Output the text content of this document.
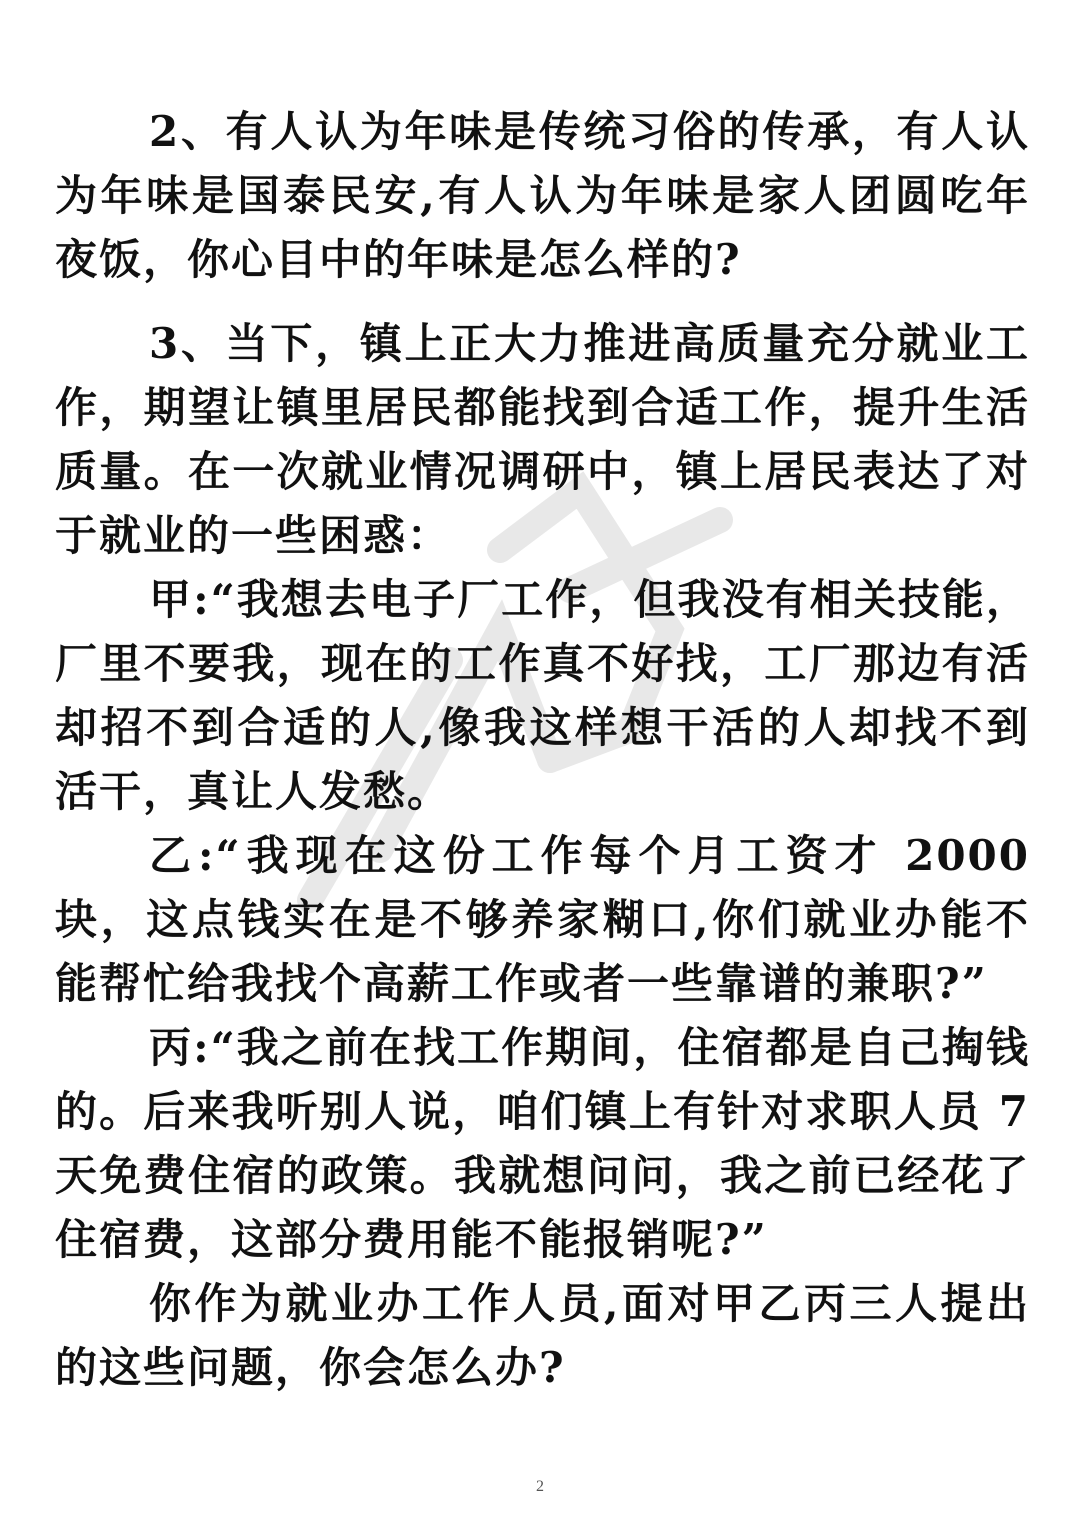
2、有人认为年味是传统习俗的传承，有人认为年味是国泰民安,有人认为年味是家人团圆吃年夜饭，你心目中的年味是怎么样的?

3、当下，镇上正大力推进高质量充分就业工作，期望让镇里居民都能找到合适工作，提升生活质量。在一次就业情况调研中，镇上居民表达了对于就业的一些困惑：

甲:“我想去电子厂工作，但我没有相关技能，厂里不要我，现在的工作真不好找，工厂那边有活却招不到合适的人,像我这样想干活的人却找不到活干，真让人发愁。

乙:“我现在这份工作每个月工资才 2000 块，这点钱实在是不够养家糊口,你们就业办能不能帮忙给我找个高薪工作或者一些靠谱的兼职?”

丙:“我之前在找工作期间，住宿都是自己掏钱的。后来我听别人说，咱们镇上有针对求职人员 7 天免费住宿的政策。我就想问问，我之前已经花了住宿费，这部分费用能不能报销呢?”

你作为就业办工作人员,面对甲乙丙三人提出的这些问题，你会怎么办?

2
